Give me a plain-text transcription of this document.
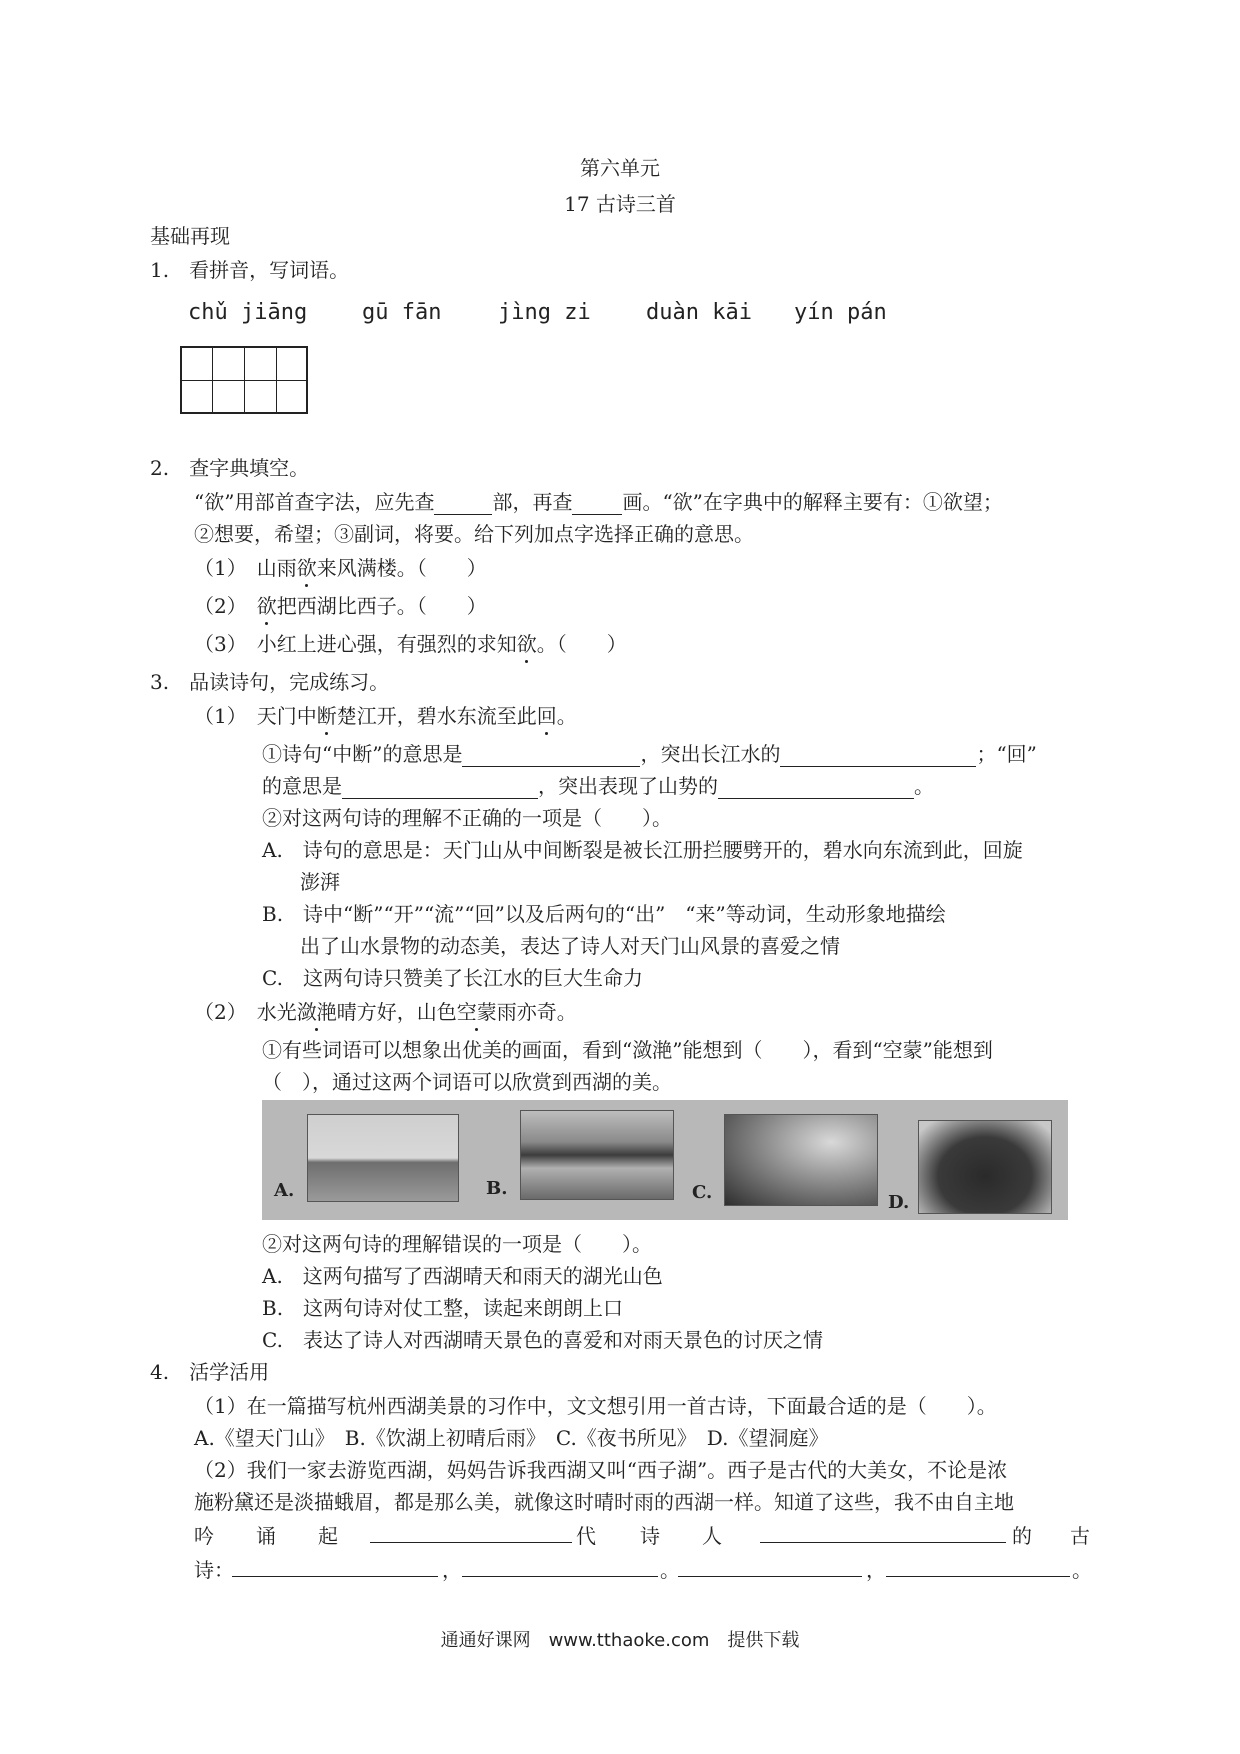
第六单元
17 古诗三首
基础再现
1.　看拼音，写词语。
chǔ jiāng gū fān	jìng zi	duàn kāi yín pán
2.　查字典填空。
“欲”用部首查字法，应先查	部，再查	画。“欲”在字典中的解释主要有：①欲望；
②想要，希望；③副词，将要。给下列加点字选择正确的意思。
（1）　 山雨欲来风满楼。（　　）
（2）　 欲把西湖比西子。（　　）
（3）　 小红上进心强，有强烈的求知欲。（　　）
3.　品读诗句，完成练习。
（1）　 天门中断楚江开，碧水东流至此回。
①诗句“中断”的意思是	，突出长江水的	；“回”
的意思是	，突出表现了山势的	。
②对这两句诗的理解不正确的一项是（　　）。
A.　诗句的意思是：天门山从中间断裂是被长江册拦腰劈开的，碧水向东流到此，回旋
澎湃
B.　诗中“断”“开”“流”“回”以及后两句的“出”　“来”等动词，生动形象地描绘
出了山水景物的动态美，表达了诗人对天门山风景的喜爱之情
C.　这两句诗只赞美了长江水的巨大生命力
（2）　 水光潋滟晴方好，山色空蒙雨亦奇。
①有些词语可以想象出优美的画面，看到“潋滟”能想到（　　），看到“空蒙”能想到
（　），通过这两个词语可以欣赏到西湖的美。
A.	B.	C.	D.
②对这两句诗的理解错误的一项是（　　）。
A.　这两句描写了西湖晴天和雨天的湖光山色
B.　这两句诗对仗工整，读起来朗朗上口
C.　表达了诗人对西湖晴天景色的喜爱和对雨天景色的讨厌之情
4.　活学活用
（1）在一篇描写杭州西湖美景的习作中，文文想引用一首古诗，下面最合适的是（　　）。
A.《望天门山》　B.《饮湖上初晴后雨》　C.《夜书所见》　D.《望洞庭》
（2）我们一家去游览西湖，妈妈告诉我西湖又叫“西子湖”。西子是古代的大美女，不论是浓
施粉黛还是淡描蛾眉，都是那么美，就像这时晴时雨的西湖一样。知道了这些，我不由自主地
吟 诵 起	代 诗 人	的 古
诗：	，	。	，	。
通通好课网　www.tthaoke.com　提供下载
